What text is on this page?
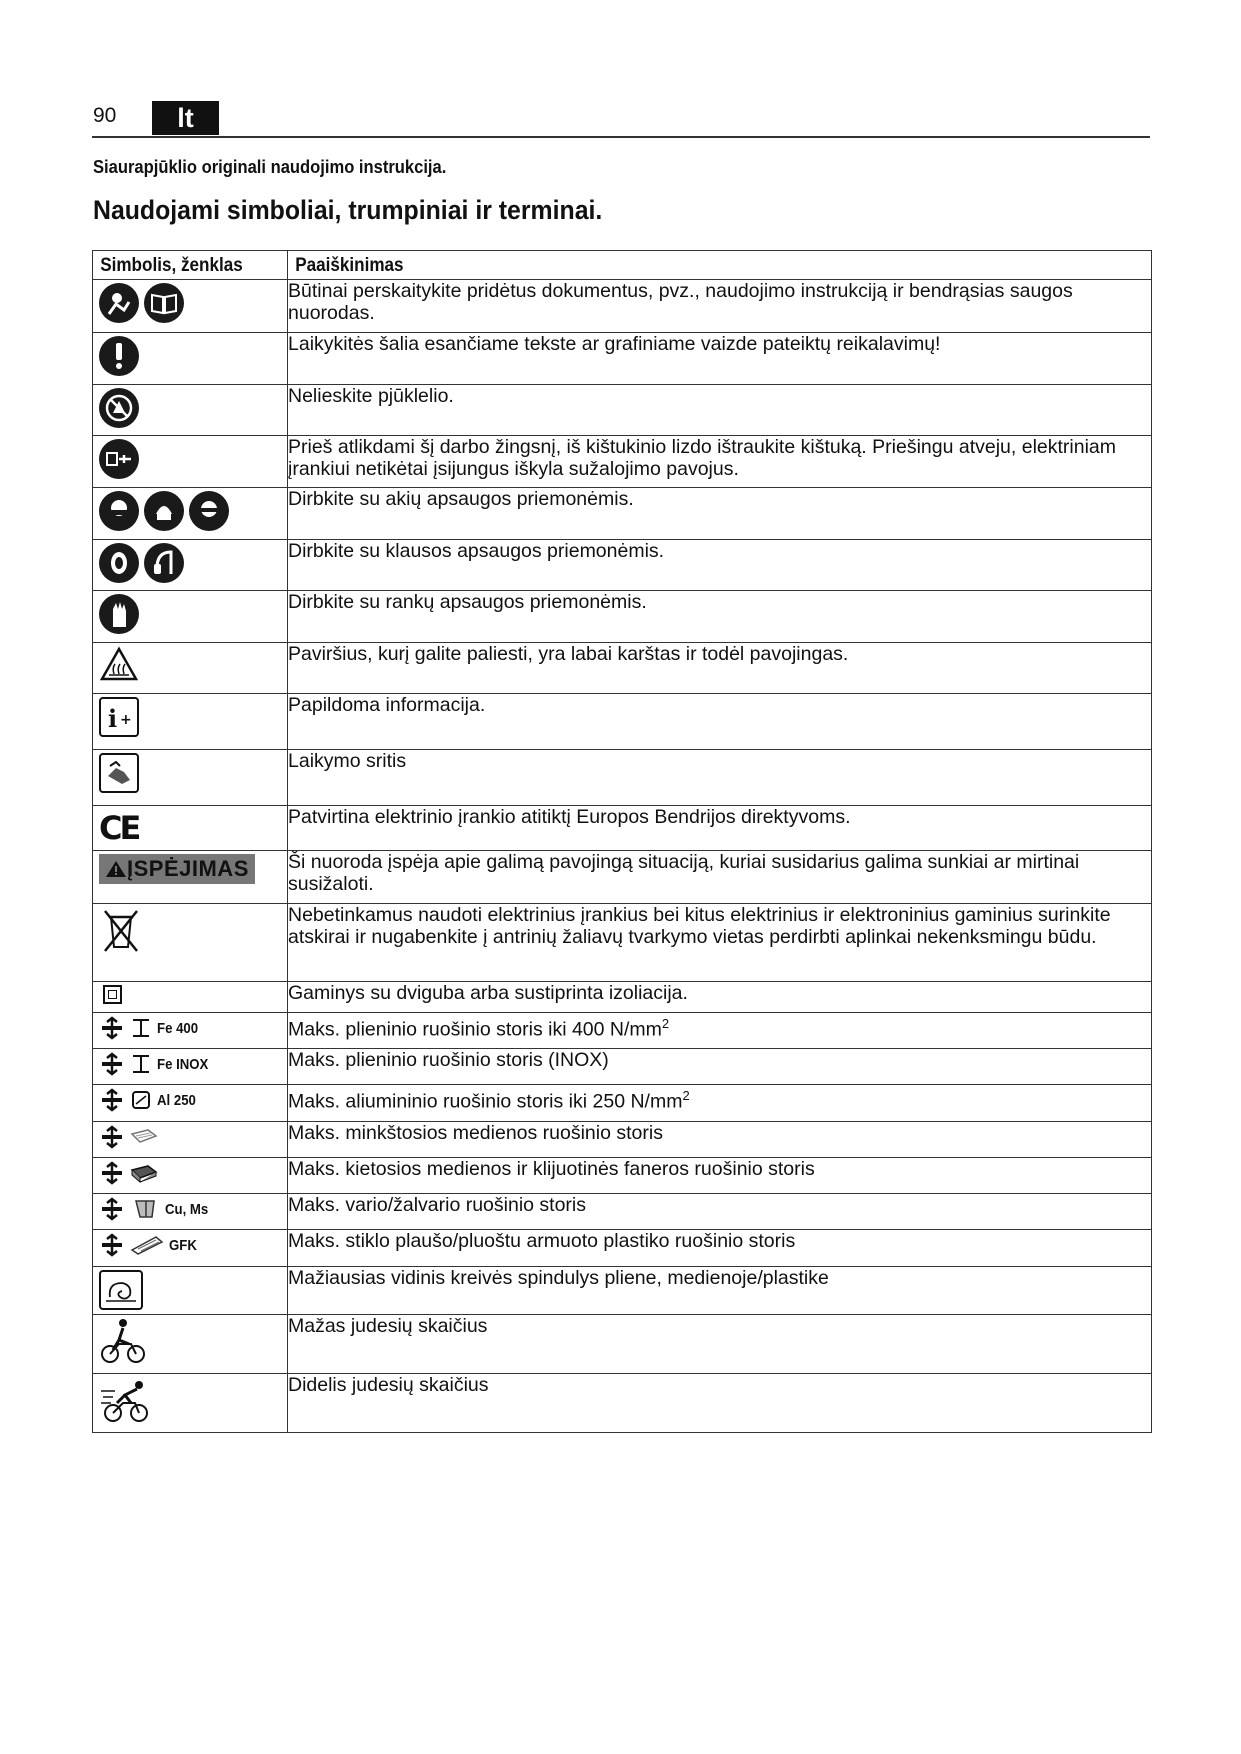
90	lt
Siaurapjūklio originali naudojimo instrukcija.
Naudojami simboliai, trumpiniai ir terminai.
Simbolis, ženklas	Paaiškinimas

	Būtinai perskaitykite pridėtus dokumentus, pvz., naudojimo instrukciją ir bendrąsias saugos nuorodas.

	Laikykitės šalia esančiame tekste ar grafiniame vaizde pateiktų reikalavimų!

	Nelieskite pjūklelio.

	Prieš atlikdami šį darbo žingsnį, iš kištukinio lizdo ištraukite kištuką. Priešingu atveju, elektriniam įrankiui netikėtai įsijungus iškyla sužalojimo pavojus.

	Dirbkite su akių apsaugos priemonėmis.

	Dirbkite su klausos apsaugos priemonėmis.

	Dirbkite su rankų apsaugos priemonėmis.

	Paviršius, kurį galite paliesti, yra labai karštas ir todėl pavojingas.

i +	Papildoma informacija.

	Laikymo sritis

CE	Patvirtina elektrinio įrankio atitiktį Europos Bendrijos direktyvoms.

ĮSPĖJIMAS	Ši nuoroda įspėja apie galimą pavojingą situaciją, kuriai susidarius galima sunkiai ar mirtinai susižaloti.

	Nebetinkamus naudoti elektrinius įrankius bei kitus elektrinius ir elektroninius gaminius surinkite atskirai ir nugabenkite į antrinių žaliavų tvarkymo vietas perdirbti aplinkai nekenksmingu būdu.

	Gaminys su dviguba arba sustiprinta izoliacija.

Fe 400	Maks. plieninio ruošinio storis iki 400 $N/mm^2$

Fe INOX	Maks. plieninio ruošinio storis (INOX)

Al 250	Maks. aliumininio ruošinio storis iki 250 $N/mm^2$

	Maks. minkštosios medienos ruošinio storis

	Maks. kietosios medienos ir klijuotinės faneros ruošinio storis

Cu, Ms	Maks. vario/žalvario ruošinio storis

GFK	Maks. stiklo plaušo/pluoštu armuoto plastiko ruošinio storis

	Mažiausias vidinis kreivės spindulys pliene, medienoje/plastike

	Mažas judesių skaičius

	Didelis judesių skaičius
